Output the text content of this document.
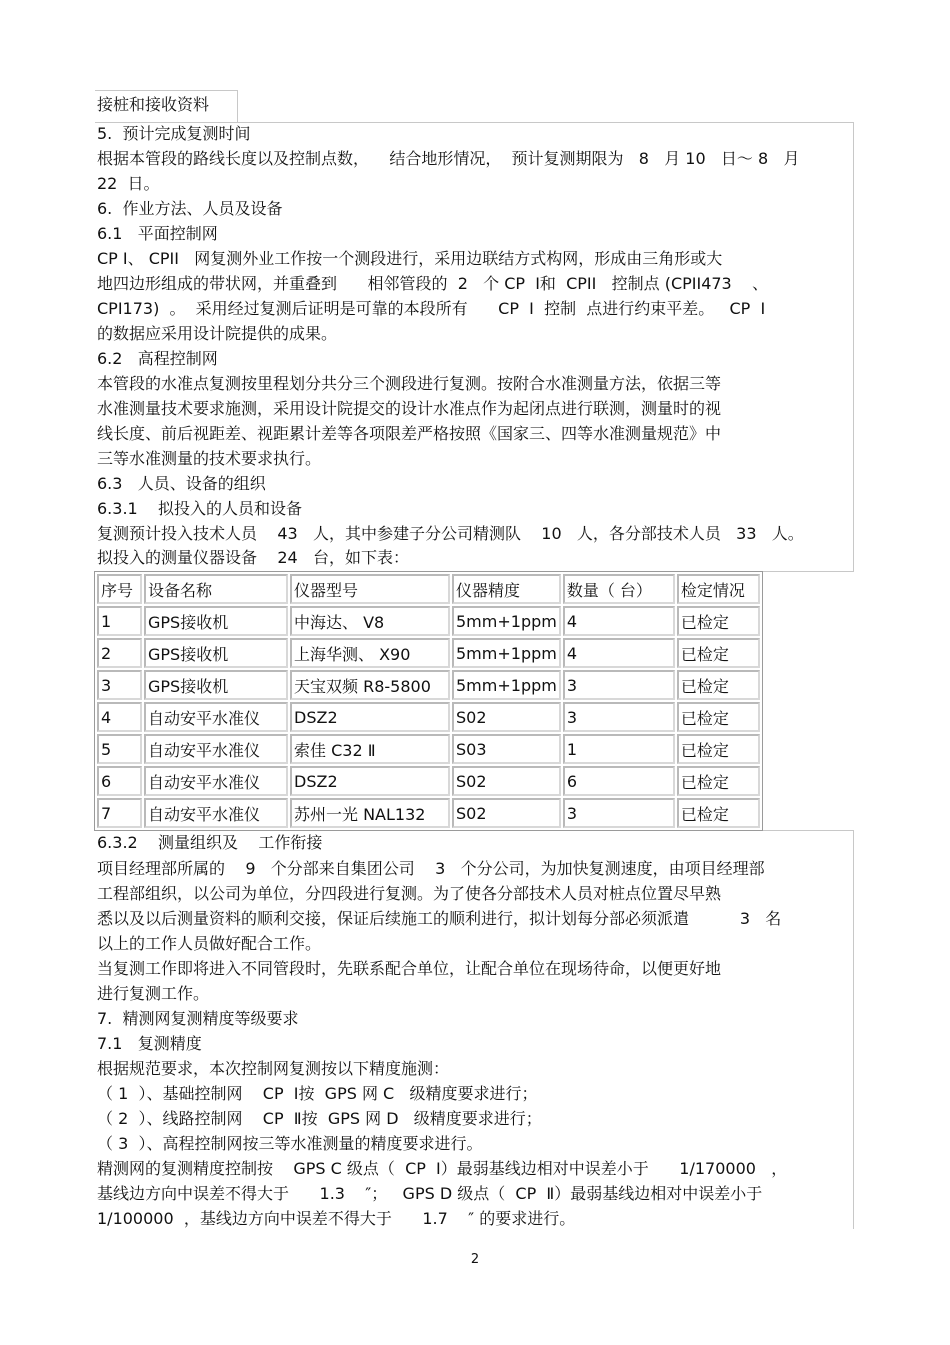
接桩和接收资料

5.  预计完成复测时间

根据本管段的路线长度以及控制点数，    结合地形情况，  预计复测期限为   8   月 10   日～ 8   月

22  日。

6.  作业方法、人员及设备

6.1   平面控制网

CP Ⅰ、 CPII   网复测外业工作按一个测段进行，采用边联结方式构网，形成由三角形或大

地四边形组成的带状网，并重叠到      相邻管段的  2   个 CP  Ⅰ和  CPII   控制点 (CPII473    、

CPI173)  。  采用经过复测后证明是可靠的本段所有      CP  Ⅰ  控制  点进行约束平差。   CP  Ⅰ

的数据应采用设计院提供的成果。

6.2   高程控制网

本管段的水准点复测按里程划分共分三个测段进行复测。按附合水准测量方法，依据三等

水准测量技术要求施测，采用设计院提交的设计水准点作为起闭点进行联测，测量时的视

线长度、前后视距差、视距累计差等各项限差严格按照《国家三、四等水准测量规范》中

三等水准测量的技术要求执行。

6.3   人员、设备的组织

6.3.1    拟投入的人员和设备

复测预计投入技术人员    43   人，其中参建子分公司精测队    10   人，各分部技术人员   33   人。

拟投入的测量仪器设备    24   台，如下表：

序号	设备名称	仪器型号	仪器精度	数量（ 台）	检定情况
1	GPS接收机	中海达、 V8	5mm+1ppm	4	已检定
2	GPS接收机	上海华测、 X90	5mm+1ppm	4	已检定
3	GPS接收机	天宝双频 R8-5800	5mm+1ppm	3	已检定
4	自动安平水准仪	DSZ2	S02	3	已检定
5	自动安平水准仪	索佳 C32 Ⅱ	S03	1	已检定
6	自动安平水准仪	DSZ2	S02	6	已检定
7	自动安平水准仪	苏州一光 NAL132	S02	3	已检定

6.3.2    测量组织及    工作衔接

项目经理部所属的    9   个分部来自集团公司    3   个分公司，为加快复测速度，由项目经理部

工程部组织，以公司为单位，分四段进行复测。为了使各分部技术人员对桩点位置尽早熟

悉以及以后测量资料的顺利交接，保证后续施工的顺利进行，拟计划每分部必须派遣          3   名

以上的工作人员做好配合工作。

当复测工作即将进入不同管段时，先联系配合单位，让配合单位在现场待命，以便更好地

进行复测工作。

7.  精测网复测精度等级要求

7.1   复测精度

根据规范要求，本次控制网复测按以下精度施测：

（ 1  ）、基础控制网    CP  Ⅰ按  GPS 网 C   级精度要求进行；

（ 2  ）、线路控制网    CP  Ⅱ按  GPS 网 D   级精度要求进行；

（ 3  ）、高程控制网按三等水准测量的精度要求进行。

精测网的复测精度控制按    GPS C 级点（  CP  Ⅰ）最弱基线边相对中误差小于      1/170000   ，

基线边方向中误差不得大于      1.3    ″；   GPS D 级点（  CP  Ⅱ）最弱基线边相对中误差小于

1/100000  ，基线边方向中误差不得大于      1.7    ″ 的要求进行。

2
